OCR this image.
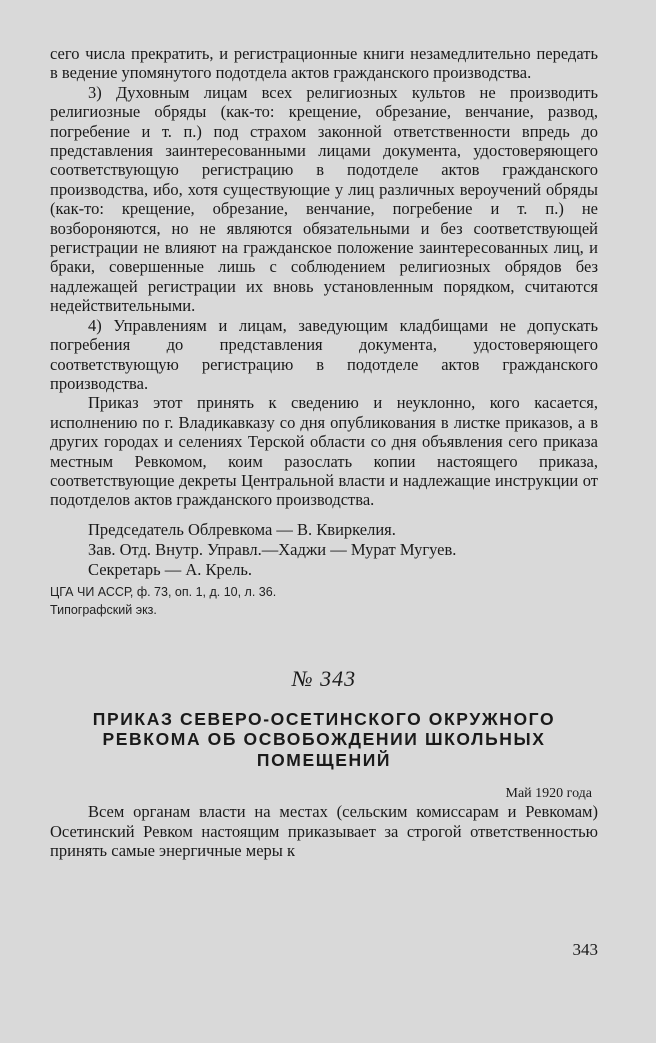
сего числа прекратить, и регистрационные книги незамедлительно передать в ведение упомянутого подотдела актов гражданского производства.

3) Духовным лицам всех религиозных культов не производить религиозные обряды (как-то: крещение, обрезание, венчание, развод, погребение и т. п.) под страхом законной ответственности впредь до представления заинтересованными лицами документа, удостоверяющего соответствующую регистрацию в подотделе актов гражданского производства, ибо, хотя существующие у лиц различных вероучений обряды (как-то: крещение, обрезание, венчание, погребение и т. п.) не возбороняются, но не являются обязательными и без соответствующей регистрации не влияют на гражданское положение заинтересованных лиц, и браки, совершенные лишь с соблюдением религиозных обрядов без надлежащей регистрации их вновь установленным порядком, считаются недействительными.

4) Управлениям и лицам, заведующим кладбищами не допускать погребения до представления документа, удостоверяющего соответствующую регистрацию в подотделе актов гражданского производства.

Приказ этот принять к сведению и неуклонно, кого касается, исполнению по г. Владикавказу со дня опубликования в листке приказов, а в других городах и селениях Терской области со дня объявления сего приказа местным Ревкомом, коим разослать копии настоящего приказа, соответствующие декреты Центральной власти и надлежащие инструкции от подотделов актов гражданского производства.

Председатель Облревкома — В. Квиркелия.
Зав. Отд. Внутр. Управл.—Хаджи — Мурат Мугуев.
Секретарь — А. Крель.
ЦГА ЧИ АССР, ф. 73, оп. 1, д. 10, л. 36.
Типографский экз.
№ 343
ПРИКАЗ СЕВЕРО-ОСЕТИНСКОГО ОКРУЖНОГО РЕВКОМА ОБ ОСВОБОЖДЕНИИ ШКОЛЬНЫХ ПОМЕЩЕНИЙ
Май 1920 года

Всем органам власти на местах (сельским комиссарам и Ревкомам) Осетинский Ревком настоящим приказывает за строгой ответственностью принять самые энергичные меры к

343
